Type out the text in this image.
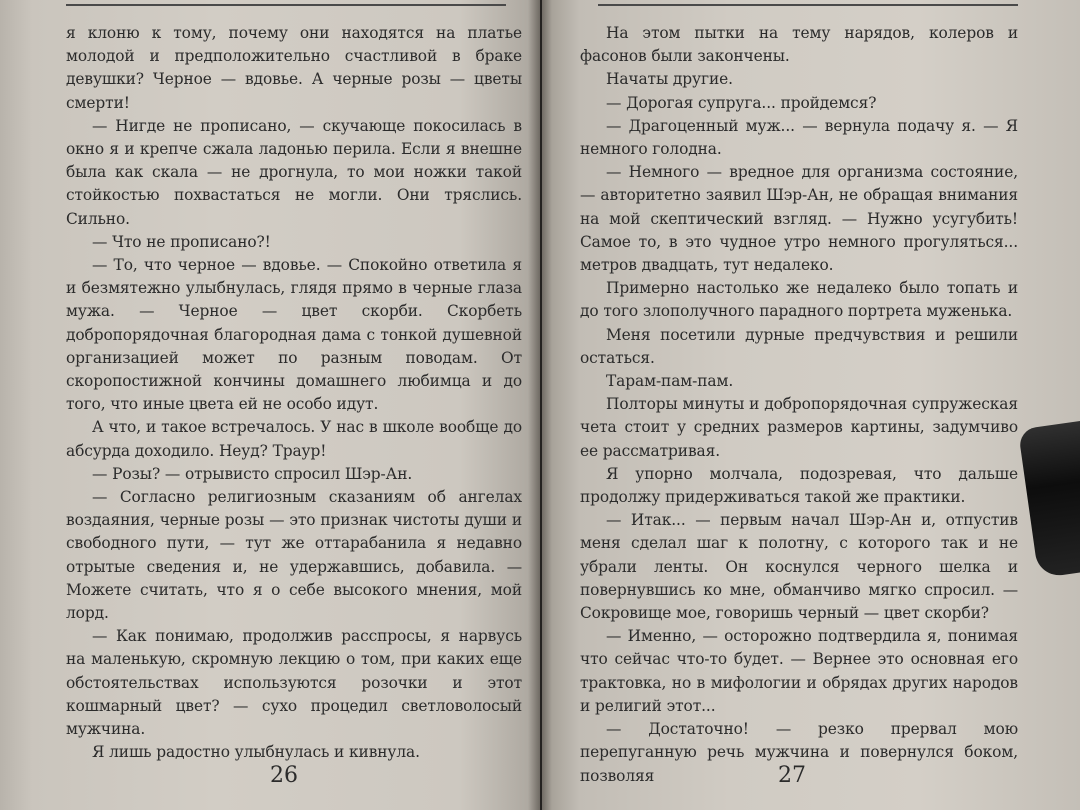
я клоню к тому, почему они находятся на платье молодой и предположительно счастливой в браке девушки? Черное — вдовье. А черные розы — цветы смерти!

— Нигде не прописано, — скучающе покосилась в окно я и крепче сжала ладонью перила. Если я внешне была как скала — не дрогнула, то мои ножки такой стойкостью похвастаться не могли. Они тряслись. Сильно.

— Что не прописано?!

— То, что черное — вдовье. — Спокойно ответила я и безмятежно улыбнулась, глядя прямо в черные глаза мужа. — Черное — цвет скорби. Скорбеть добропорядочная благородная дама с тонкой душевной организацией может по разным поводам. От скоропостижной кончины домашнего любимца и до того, что иные цвета ей не особо идут.

А что, и такое встречалось. У нас в школе вообще до абсурда доходило. Неуд? Траур!

— Розы? — отрывисто спросил Шэр-Ан.

— Согласно религиозным сказаниям об ангелах воздаяния, черные розы — это признак чистоты души и свободного пути, — тут же оттарабанила я недавно отрытые сведения и, не удержавшись, добавила. — Можете считать, что я о себе высокого мнения, мой лорд.

— Как понимаю, продолжив расспросы, я нарвусь на маленькую, скромную лекцию о том, при каких еще обстоятельствах используются розочки и этот кошмарный цвет? — сухо процедил светловолосый мужчина.

Я лишь радостно улыбнулась и кивнула.

26

На этом пытки на тему нарядов, колеров и фасонов были закончены.

Начаты другие.

— Дорогая супруга... пройдемся?

— Драгоценный муж... — вернула подачу я. — Я немного голодна.

— Немного — вредное для организма состояние, — авторитетно заявил Шэр-Ан, не обращая внимания на мой скептический взгляд. — Нужно усугубить! Самое то, в это чудное утро немного прогуляться... метров двадцать, тут недалеко.

Примерно настолько же недалеко было топать и до того злополучного парадного портрета муженька.

Меня посетили дурные предчувствия и решили остаться.

Тарам-пам-пам.

Полторы минуты и добропорядочная супружеская чета стоит у средних размеров картины, задумчиво ее рассматривая.

Я упорно молчала, подозревая, что дальше продолжу придерживаться такой же практики.

— Итак... — первым начал Шэр-Ан и, отпустив меня сделал шаг к полотну, с которого так и не убрали ленты. Он коснулся черного шелка и повернувшись ко мне, обманчиво мягко спросил. — Сокровище мое, говоришь черный — цвет скорби?

— Именно, — осторожно подтвердила я, понимая что сейчас что-то будет. — Вернее это основная его трактовка, но в мифологии и обрядах других народов и религий этот...

— Достаточно! — резко прервал мою перепуганную речь мужчина и повернулся боком, позволяя	27
